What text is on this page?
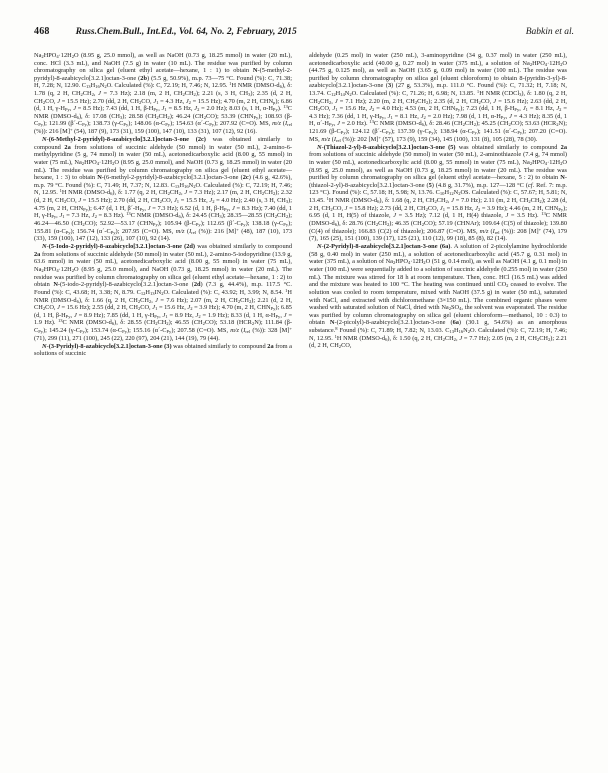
468	Russ.Chem.Bull., Int.Ed., Vol. 64, No. 2, February, 2015	Babkin et al.

$Na_2HPO_4\cdot 12H_2O$ (8.95 g, 25.0 mmol), as well as NaOH (0.73 g, 18.25 mmol) in water (20 mL), conc. HCl (3.3 mL), and NaOH (7.5 g) in water (10 mL). The residue was purified by column chromatography on silica gel (eluent ethyl acetate—hexane, 1 : 1) to obtain N-(5-methyl-2-pyridyl)-8-azabicyclo[3.2.1]octan-3-one (2b) (5.5 g, 50.9%), m.p. 73—75 °C. Found (%): C, 71.38; H, 7.28; N, 12.90. $C_{13}H_{16}N_2O$. Calculated (%): C, 72.19; H, 7.46; N, 12.95. $^1$H NMR $(DMSO-d_6)$, δ: 1.78 (q, 2 H, $CH_2CH_2$, J = 7.3 Hz); 2.18 (m, 2 H, $CH_2CH_2$); 2.21 (s, 3 H, $CH_3$); 2.35 (d, 2 H, $CH_2CO$, J = 15.5 Hz); 2.70 (dd, 2 H, $CH_2CO$, $J_1 = 4.3$ Hz, $J_2 = 15.5$ Hz); 4.70 (m, 2 H, $CHN_p$); 6.86 (d, 1 H, $\gamma-H_{Py}$, J = 8.5 Hz); 7.43 (dd, 1 H, $\beta-H_{Py}$, $J_1 = 8.5$ Hz, $J_2 = 2.0$ Hz); 8.03 (s, 1 H, $\alpha-H_{Py}$). $^{13}$C NMR $(DMSO-d_6)$, δ: 17.08 $(CH_3)$; 28.58 $(CH_2CH_2)$; 46.24 $(CH_2CO)$; 53.39 $(CHN_{Py})$; 108.93 $(\beta-C_{Py})$; 121.99 $(\beta´-C_{Py})$; 138.73 $(\gamma-C_{Py})$; 148.06 $(\alpha-C_{Py})$; 154.63 $(\alpha´-C_{Py})$; 207.92 (C=O). MS, m/z ($I_{rel}$ (%)): 216 [M]+ (54), 187 (9), 173 (31), 159 (100), 147 (10), 133 (31), 107 (12), 92 (16).

N-(6-Methyl-2-pyridyl)-8-azabicyclo[3.2.1]octan-3-one (2c) was obtained similarly to compound 2a from solutions of succinic aldehyde (50 mmol) in water (50 mL), 2-amino-6-methylpyridine (5 g, 74 mmol) in water (50 mL), acetonedicarboxylic acid (8.00 g, 55 mmol) in water (75 mL), $Na_2HPO_4\cdot 12H_2O$ (8.95 g, 25.0 mmol), and NaOH (0.73 g, 18.25 mmol) in water (20 mL). The residue was purified by column chromatography on silica gel (eluent ethyl acetate—hexane, 1 : 3) to obtain N-(6-methyl-2-pyridyl)-8-azabicyclo[3.2.1]octan-3-one (2c) (4.6 g, 42.6%), m.p. 79 °C. Found (%): C, 71.49; H, 7.37; N, 12.83. $C_{13}H_{16}N_2O$. Calculated (%): C, 72.19; H, 7.46; N, 12.95. $^1$H NMR $(DMSO-d_6)$, δ: 1.77 (q, 2 H, $CH_2CH_2$, J = 7.3 Hz); 2.17 (m, 2 H, $CH_2CH_2$); 2.32 (d, 2 H, $CH_2CO$, J = 15.5 Hz); 2.70 (dd, 2 H, $CH_2CO$, $J_1 = 15.5$ Hz, $J_2 = 4.0$ Hz); 2.40 (s, 3 H, $CH_3$); 4.75 (m, 2 H, $CHN_{Py}$); 6.47 (d, 1 H, $\beta´-H_{Py}$, J = 7.3 Hz); 6.52 (d, 1 H, $\beta-H_{Py}$, J = 8.3 Hz); 7.40 (dd, 1 H, $\gamma-H_{Py}$, $J_1 = 7.3$ Hz, $J_2 = 8.3$ Hz). $^{13}$C NMR $(DMSO-d_6)$, δ: 24.45 $(CH_3)$; 28.35—28.55 $(CH_2CH_2)$; 46.24—46.50 $(CH_2CO)$; 52.92—53.17 $(CHN_{Py})$; 105.94 $(\beta-C_{Py})$; 112.65 $(\beta´-C_{Py})$; 138.18 $(\gamma-C_{Py})$; 155.81 $(\alpha-C_{Py})$; 156.74 $(\alpha´-C_{Py})$; 207.95 (C=O). MS, m/z ($I_{rel}$ (%)): 216 [M]+ (48), 187 (10), 173 (33), 159 (100), 147 (12), 133 (26), 107 (10), 92 (14).

N-(5-Iodo-2-pyridyl)-8-azabicyclo[3.2.1]octan-3-one (2d) was obtained similarly to compound 2a from solutions of succinic aldehyde (50 mmol) in water (50 mL), 2-amino-5-iodopyridine (13.9 g, 63.6 mmol) in water (50 mL), acetonedicarboxylic acid (8.00 g, 55 mmol) in water (75 mL), $Na_2HPO_4\cdot 12H_2O$ (8.95 g, 25.0 mmol), and NaOH (0.73 g, 18.25 mmol) in water (20 mL). The residue was purified by column chromatography on silica gel (eluent ethyl acetate—hexane, 1 : 2) to obtain N-(5-iodo-2-pyridyl)-8-azabicyclo[3.2.1]octan-3-one (2d) (7.3 g, 44.4%), m.p. 117.5 °C. Found (%): C, 43.68; H, 3.38; N, 8.79. $C_{12}H_{13}IN_2O$. Calculated (%): C, 43.92; H, 3.99; N, 8.54. $^1$H NMR $(DMSO-d_6)$, δ: 1.66 (q, 2 H, $CH_2CH_2$, J = 7.6 Hz); 2.07 (m, 2 H, $CH_2CH_2$); 2.21 (d, 2 H, $CH_2CO$, J = 15.6 Hz); 2.55 (dd, 2 H, $CH_2CO$, $J_1 = 15.6$ Hz, $J_2 = 3.9$ Hz); 4.70 (m, 2 H, $CHN_{Py}$); 6.85 (d, 1 H, $\beta-H_{Py}$, J = 8.9 Hz); 7.85 (dd, 1 H, $\gamma-H_{Py}$, $J_1 = 8.9$ Hz, $J_2 = 1.9$ Hz); 8.33 (d, 1 H, $\alpha-H_{Py}$, J = 1.9 Hz). $^{13}$C NMR $(DMSO-d_6)$, δ: 28.55 $(CH_2CH_2)$; 46.55 $(CH_2CO)$; 53.18 $(HCR_2N)$; 111.84 $(\beta-C_{Py})$; 145.24 $(\gamma-C_{Py})$; 153.74 $(\alpha-C_{Py})$; 155.16 $(\alpha´-C_{Py})$; 207.58 (C=O). MS, m/z ($I_{rel}$ (%)): 328 [M]+ (71), 299 (11), 271 (100), 245 (22), 220 (97), 204 (21), 144 (19), 79 (44).

N-(3-Pyridyl)-8-azabicyclo[3.2.1]octan-3-one (3) was obtained similarly to compound 2a from a solutions of succinic

aldehyde (0.25 mol) in water (250 mL), 3-aminopyridine (34 g, 0.37 mol) in water (250 mL), acetonedicarboxylic acid (40.00 g, 0.27 mol) in water (375 mL), a solution of $Na_2HPO_4\cdot 12H_2O$ (44.75 g, 0.125 mol), as well as NaOH (3.65 g, 0.09 mol) in water (100 mL). The residue was purified by column chromatography on silica gel (eluent chloroform) to obtain 8-(pyridin-3-yl)-8-azabicyclo[3.2.1]octan-3-one (3) (27 g, 53.3%), m.p. 111.0 °C. Found (%): C, 71.32; H, 7.18; N, 13.74. $C_{12}H_{14}N_2O$. Calculated (%): C, 71.26; H, 6.98; N, 13.85. $^1$H NMR (CDCl$_3$), δ: 1.80 (q, 2 H, $CH_2CH_2$, J = 7.1 Hz); 2.20 (m, 2 H, $CH_2CH_2$); 2.35 (d, 2 H, $CH_2CO$, J = 15.6 Hz); 2.63 (dd, 2 H, $CH_2CO$, $J_1 = 15.6$ Hz, $J_2 = 4.0$ Hz); 4.53 (m, 2 H, $CHN_{Py}$); 7.23 (dd, 1 H, $\beta-H_{Py}$, $J_1 = 8.1$ Hz, $J_2 = 4.3$ Hz); 7.36 (dd, 1 H, $\gamma-H_{Py}$, $J_1 = 8.1$ Hz, $J_2 = 2.0$ Hz); 7.98 (d, 1 H, $\alpha-H_{Py}$, J = 4.3 Hz); 8.35 (d, 1 H, $\alpha´-H_{Py}$, J = 2.0 Hz). $^{13}$C NMR $(DMSO-d_6)$, δ: 28.46 $(CH_2CH_2)$; 45.25 $(CH_2CO)$; 53.63 $(HCR_2N)$; 121.69 $(\beta-C_{Py})$; 124.12 $(\beta´-C_{Py})$; 137.39 $(\gamma-C_{Py})$; 138.94 $(\alpha-C_{Py})$; 141.51 $(\alpha´-C_{Py})$; 207.20 (C=O). MS, m/z ($I_{rel}$ (%)): 202 [M]+ (57), 173 (9), 159 (34), 145 (100), 131 (8), 105 (28), 78 (30).

N-(Thiazol-2-yl)-8-azabicyclo[3.2.1]octan-3-one (5) was obtained similarly to compound 2a from solutions of succinic aldehyde (50 mmol) in water (50 mL), 2-aminothiazole (7.4 g, 74 mmol) in water (50 mL), acetonedicarboxylic acid (8.00 g, 55 mmol) in water (75 mL), $Na_2HPO_4\cdot 12H_2O$ (8.95 g, 25.0 mmol), as well as NaOH (0.73 g, 18.25 mmol) in water (20 mL). The residue was purified by column chromatography on silica gel (eluent ethyl acetate—hexane, 5 : 2) to obtain N-(thiazol-2-yl)-8-azabicyclo[3.2.1]octan-3-one (5) (4.8 g, 31.7%), m.p. 127—128 °C (cf. Ref. 7: m.p. 123 °C). Found (%): C, 57.18; H, 5.98; N, 13.76. $C_{10}H_{12}N_2OS$. Calculated (%): C, 57.67; H, 5.81; N, 13.45. $^1$H NMR $(DMSO-d_6)$, δ: 1.68 (q, 2 H, $CH_2CH_2$, J = 7.0 Hz); 2.11 (m, 2 H, $CH_2CH_2$); 2.28 (d, 2 H, $CH_2CO$, J = 15.8 Hz); 2.73 (dd, 2 H, $CH_2CO$, $J_1 = 15.8$ Hz, $J_2 = 3.9$ Hz); 4.46 (m, 2 H, $CHN_{Py}$); 6.95 (d, 1 H, H(5) of thiazole, J = 3.5 Hz); 7.12 (d, 1 H, H(4) thiazole, J = 3.5 Hz). $^{13}$C NMR $(DMSO-d_6)$, δ: 28.76 $(CH_2CH_2)$; 46.35 $(CH_2CO)$; 57.19 (CHNAr); 109.64 (C(5) of thiazole); 139.80 (C(4) of thiazole); 166.83 (C(2) of thiazole); 206.87 (C=O). MS, m/z ($I_{rel}$ (%)): 208 [M]+ (74), 179 (7), 165 (25), 151 (100), 139 (17), 125 (21), 110 (12), 99 (18), 85 (8), 82 (14).

N-(2-Pyridyl)-8-azabicyclo[3.2.1]octan-3-one (6a). A solution of 2-picolylamine hydrochloride (58 g, 0.40 mol) in water (250 mL), a solution of acetonedicarboxylic acid (45.7 g, 0.31 mol) in water (375 mL), a solution of $Na_2HPO_4\cdot 12H_2O$ (51 g, 0.14 mol), as well as NaOH (4.1 g, 0.1 mol) in water (100 mL) were sequentially added to a solution of succinic aldehyde (0.255 mol) in water (250 mL). The mixture was stirred for 18 h at room temperature. Then, conc. HCl (16.5 mL) was added and the mixture was heated to 100 °C. The heating was continued until $CO_2$ ceased to evolve. The solution was cooled to room temperature, mixed with NaOH (37.5 g) in water (50 mL), saturated with NaCl, and extracted with dichloromethane (3×150 mL). The combined organic phases were washed with saturated solution of NaCl, dried with $Na_2SO_4$, the solvent was evaporated. The residue was purified by column chromatography on silica gel (eluent chloroform—methanol, 10 : 0.3) to obtain N-(2-picolyl)-8-azabicyclo[3.2.1]octan-3-one (6a) (30.1 g, 54.6%) as an amorphous substance.$^8$ Found (%): C, 71.89; H, 7.82; N, 13.03. $C_{13}H_{16}N_2O$. Calculated (%): C, 72.19; H, 7.46; N, 12.95. $^1$H NMR $(DMSO-d_6)$, δ: 1.50 (q, 2 H, $CH_2CH_2$, J = 7.7 Hz); 2.05 (m, 2 H, $CH_2CH_2$); 2.21 (d, 2 H, $CH_2CO$,
